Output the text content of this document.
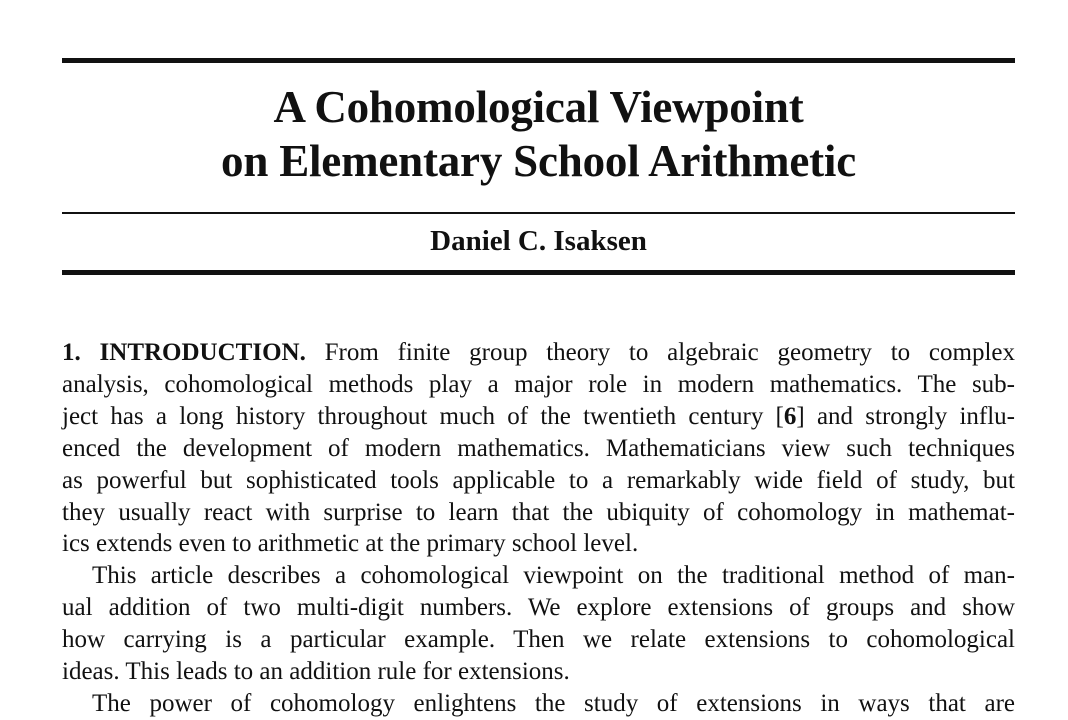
A Cohomological Viewpoint
on Elementary School Arithmetic
Daniel C. Isaksen

1. INTRODUCTION. From finite group theory to algebraic geometry to complex
analysis, cohomological methods play a major role in modern mathematics. The sub-
ject has a long history throughout much of the twentieth century [6] and strongly influ-
enced the development of modern mathematics. Mathematicians view such techniques
as powerful but sophisticated tools applicable to a remarkably wide field of study, but
they usually react with surprise to learn that the ubiquity of cohomology in mathemat-
ics extends even to arithmetic at the primary school level.

This article describes a cohomological viewpoint on the traditional method of man-
ual addition of two multi-digit numbers. We explore extensions of groups and show
how carrying is a particular example. Then we relate extensions to cohomological
ideas. This leads to an addition rule for extensions.

The power of cohomology enlightens the study of extensions in ways that are
